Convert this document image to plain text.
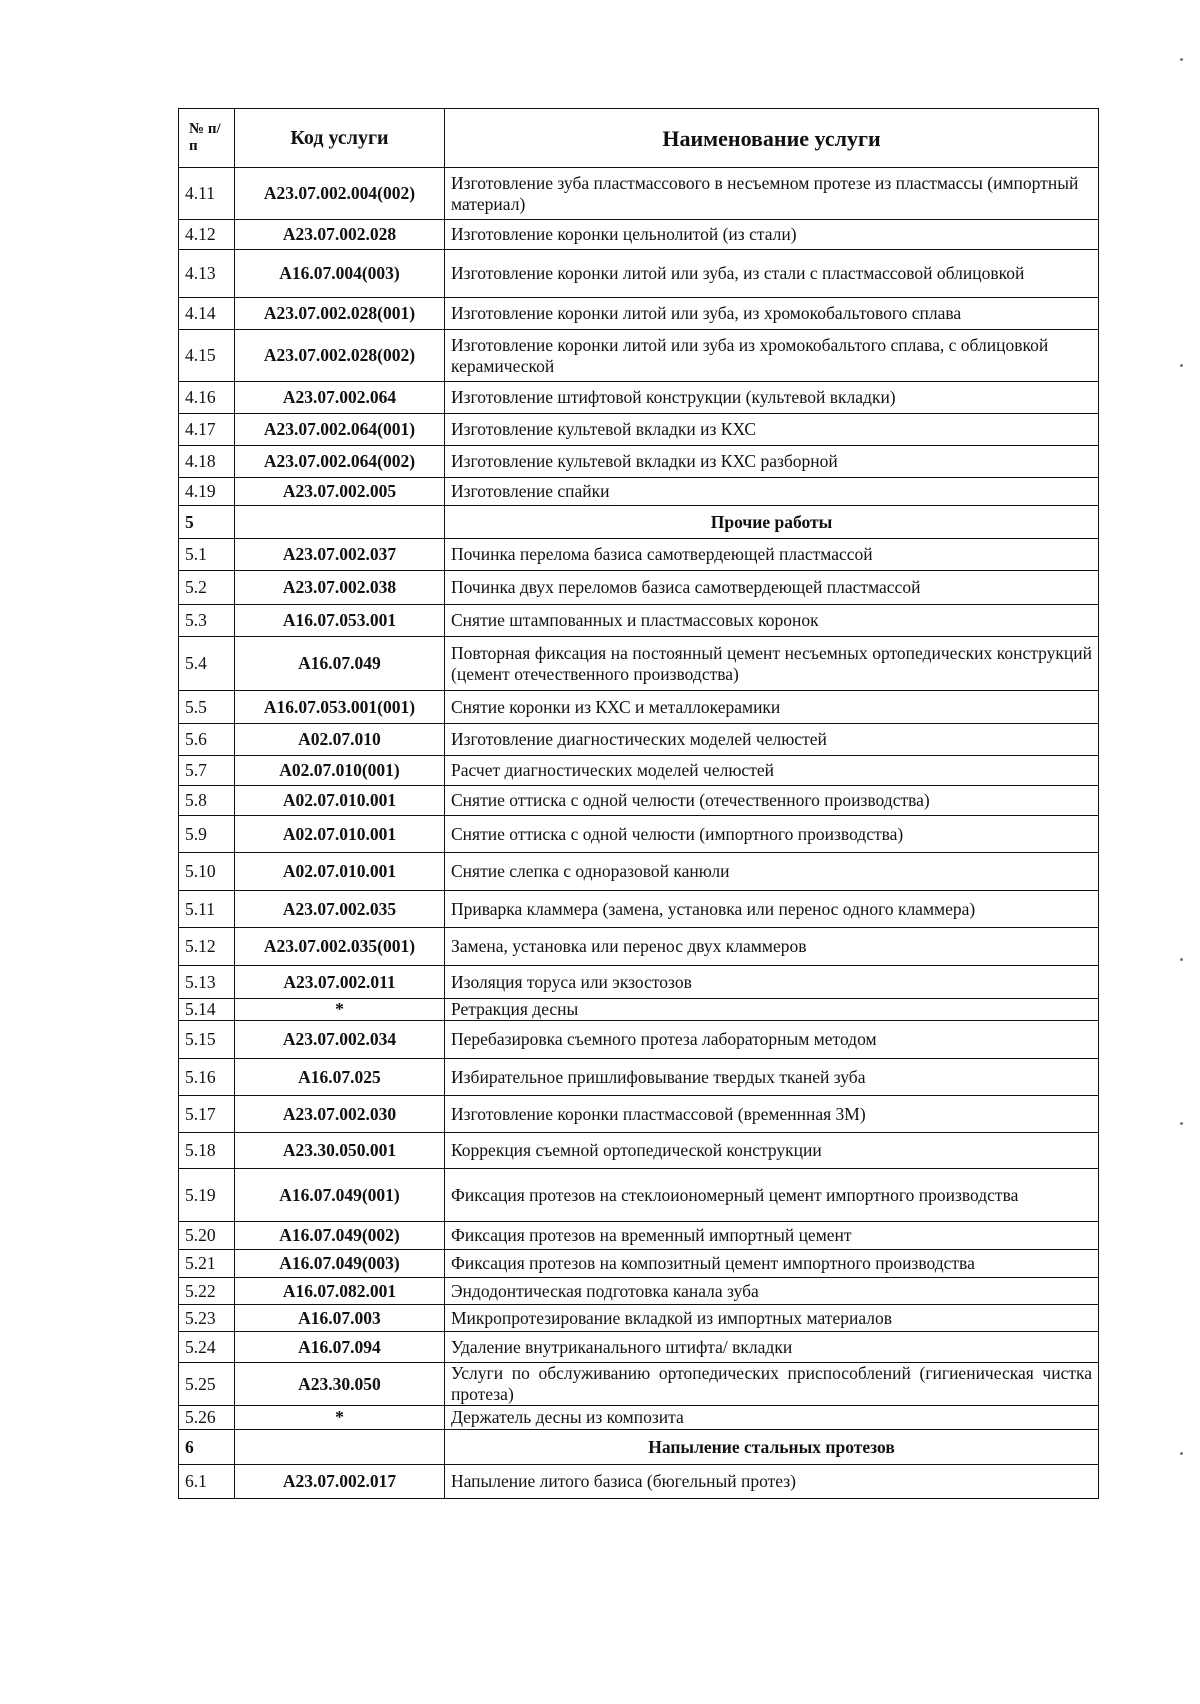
№ п/п	Код услуги	Наименование услуги
4.11	A23.07.002.004(002)	Изготовление зуба пластмассового в несъемном протезе из пластмассы (импортный материал)
4.12	A23.07.002.028	Изготовление коронки цельнолитой (из стали)
4.13	A16.07.004(003)	Изготовление коронки литой или зуба, из стали с пластмассовой облицовкой
4.14	A23.07.002.028(001)	Изготовление коронки литой или зуба, из хромокобальтового сплава
4.15	A23.07.002.028(002)	Изготовление коронки литой или зуба из хромокобальтого сплава, с облицовкой керамической
4.16	A23.07.002.064	Изготовление штифтовой конструкции (культевой вкладки)
4.17	A23.07.002.064(001)	Изготовление культевой вкладки из КХС
4.18	A23.07.002.064(002)	Изготовление культевой вкладки из КХС разборной
4.19	A23.07.002.005	Изготовление спайки
5		Прочие работы
5.1	A23.07.002.037	Починка перелома базиса самотвердеющей пластмассой
5.2	A23.07.002.038	Починка двух переломов базиса самотвердеющей пластмассой
5.3	A16.07.053.001	Снятие штампованных и пластмассовых коронок
5.4	A16.07.049	Повторная фиксация на постоянный цемент несъемных ортопедических конструкций (цемент отечественного производства)
5.5	A16.07.053.001(001)	Снятие коронки из КХС и металлокерамики
5.6	A02.07.010	Изготовление диагностических моделей челюстей
5.7	A02.07.010(001)	Расчет диагностических моделей челюстей
5.8	A02.07.010.001	Снятие оттиска с одной челюсти (отечественного производства)
5.9	A02.07.010.001	Снятие оттиска с одной челюсти (импортного производства)
5.10	A02.07.010.001	Снятие слепка с одноразовой канюли
5.11	A23.07.002.035	Приварка кламмера (замена, установка или перенос одного кламмера)
5.12	A23.07.002.035(001)	Замена, установка или перенос двух кламмеров
5.13	A23.07.002.011	Изоляция торуса или экзостозов
5.14	*	Ретракция десны
5.15	A23.07.002.034	Перебазировка съемного протеза лабораторным методом
5.16	A16.07.025	Избирательное пришлифовывание твердых тканей зуба
5.17	A23.07.002.030	Изготовление коронки пластмассовой (временнная 3М)
5.18	A23.30.050.001	Коррекция съемной ортопедической конструкции
5.19	A16.07.049(001)	Фиксация протезов на стеклоиономерный цемент импортного производства
5.20	A16.07.049(002)	Фиксация протезов на временный импортный цемент
5.21	A16.07.049(003)	Фиксация протезов на композитный цемент импортного производства
5.22	A16.07.082.001	Эндодонтическая подготовка канала зуба
5.23	A16.07.003	Микропротезирование вкладкой из импортных материалов
5.24	A16.07.094	Удаление внутриканального штифта/ вкладки
5.25	A23.30.050	Услуги по обслуживанию ортопедических приспособлений (гигиеническая чистка протеза)
5.26	*	Держатель десны из композита
6		Напыление стальных протезов
6.1	A23.07.002.017	Напыление литого базиса (бюгельный протез)
